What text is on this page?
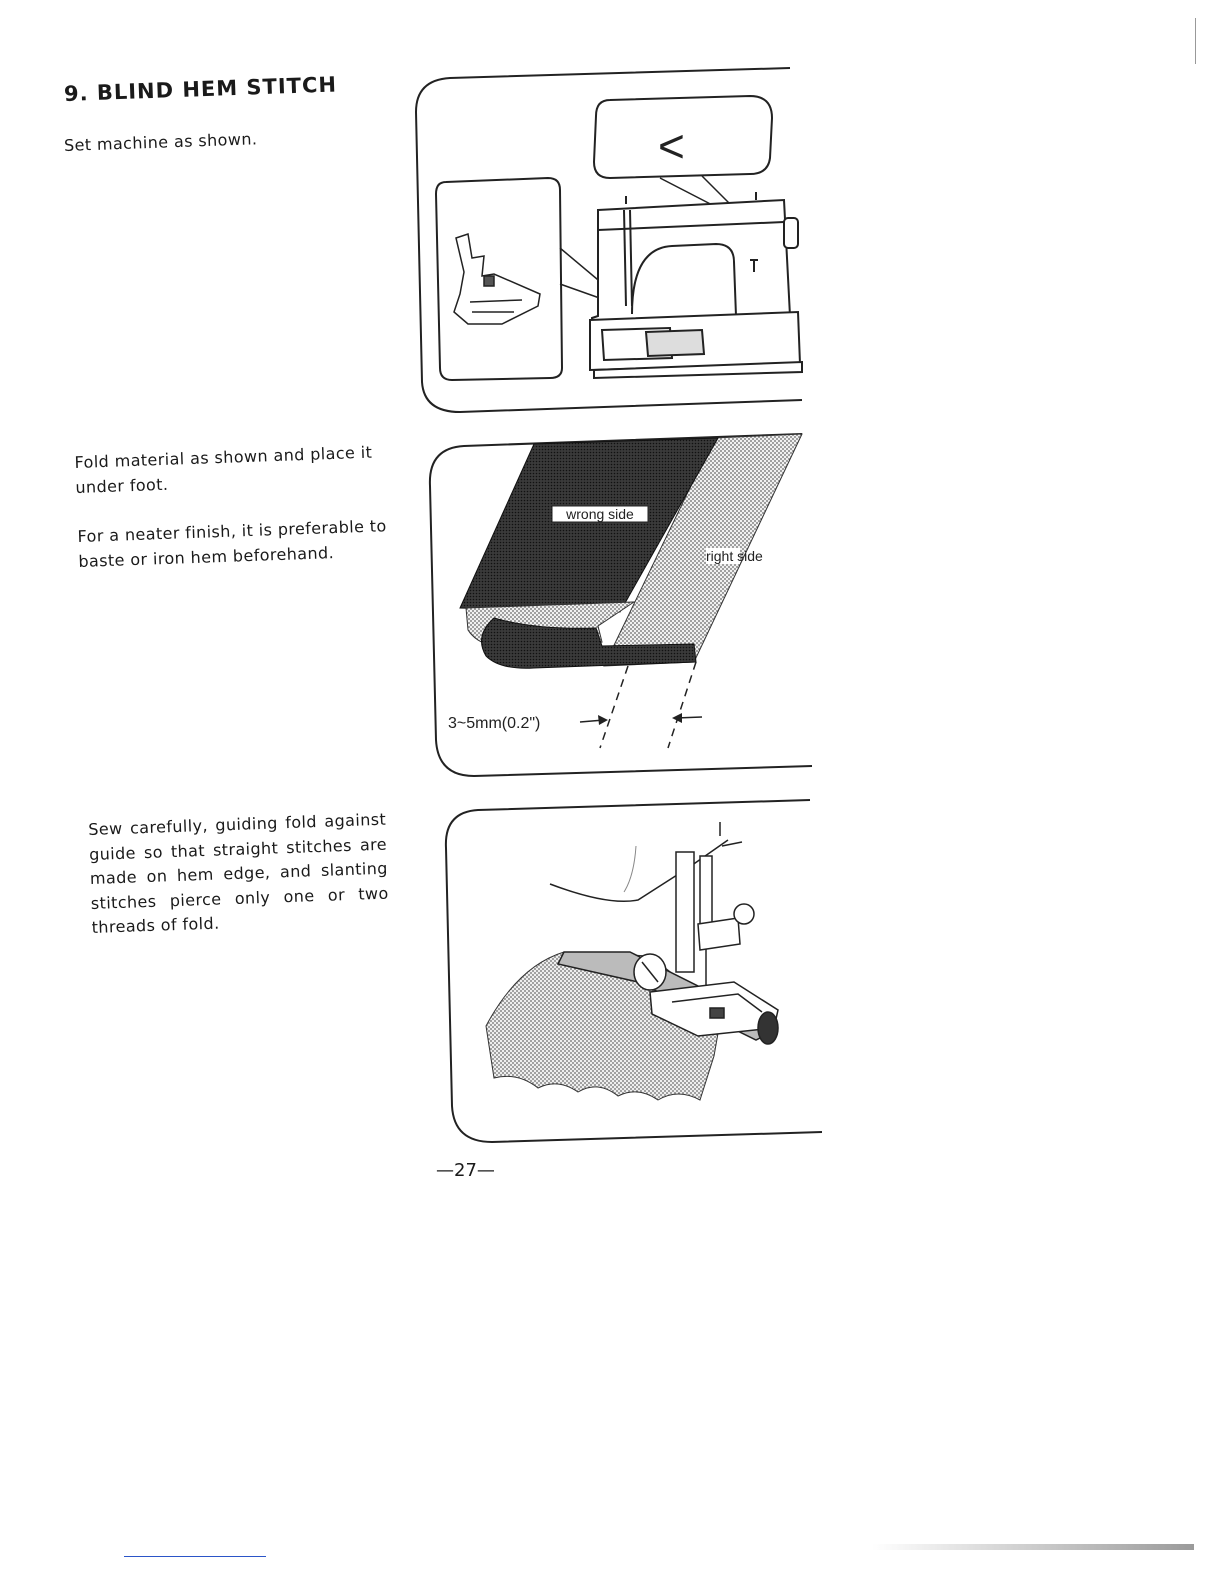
9. BLIND HEM STITCH
Set machine as shown.
Fold material as shown and place it under foot.
For a neater finish, it is preferable to baste or iron hem beforehand.
Sew carefully, guiding fold against guide so that straight stitches are made on hem edge, and slanting stitches pierce only one or two threads of fold.
<
wrong side
right side
3~5mm(0.2")
—27—
